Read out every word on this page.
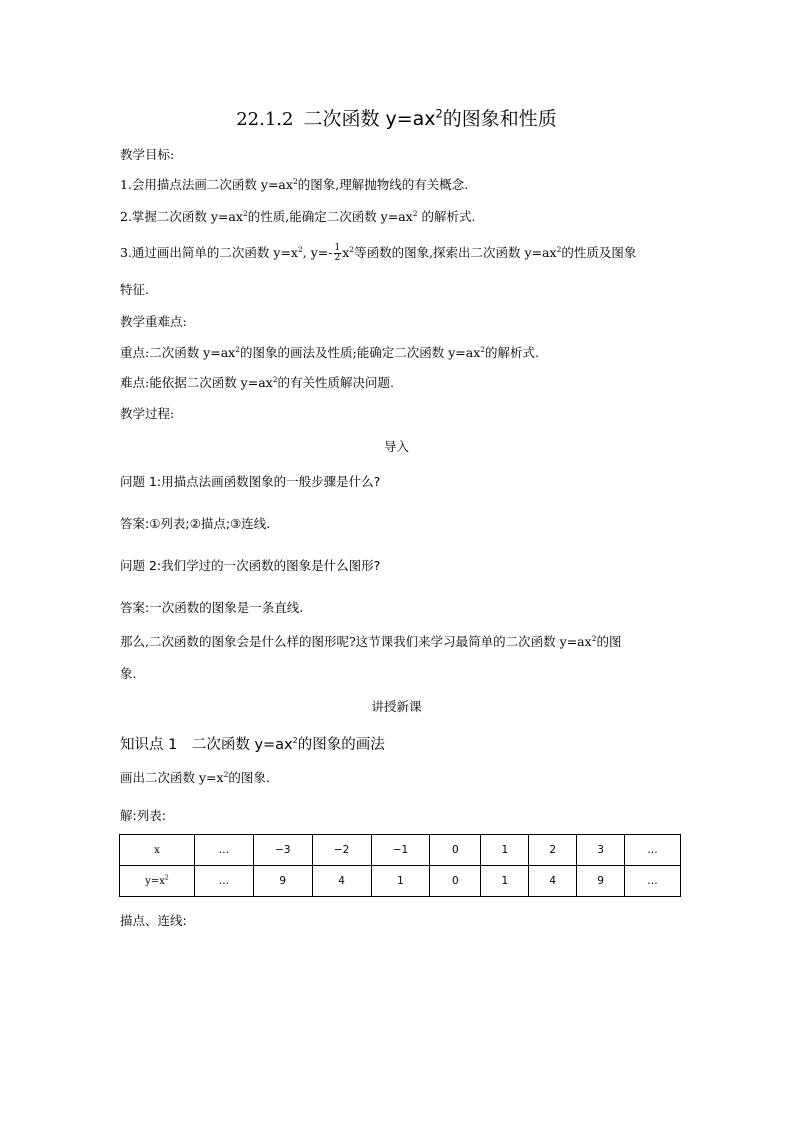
22.1.2 二次函数 $y=ax^2$的图象和性质
教学目标:
1.会用描点法画二次函数 $y=ax^2$的图象,理解抛物线的有关概念.
2.掌握二次函数 $y=ax^2$的性质,能确定二次函数 $y=ax^2$ 的解析式.
3.通过画出简单的二次函数 $y=x^2$, $y=- \frac{1}{2} x^2$等函数的图象,探索出二次函数 $y=ax^2$的性质及图象
特征.
教学重难点:
重点:二次函数 $y=ax^2$的图象的画法及性质;能确定二次函数 $y=ax^2$的解析式.
难点:能依据二次函数 $y=ax^2$的有关性质解决问题.
教学过程:
导入
问题 1:用描点法画函数图象的一般步骤是什么?
答案:①列表;②描点;③连线.
问题 2:我们学过的一次函数的图象是什么图形?
答案:一次函数的图象是一条直线.
那么,二次函数的图象会是什么样的图形呢?这节课我们来学习最简单的二次函数 $y=ax^2$的图
象.
讲授新课
知识点 1　二次函数 $y=ax^2$的图象的画法
画出二次函数 $y=x^2$的图象.
解:列表:
x	…	−3	−2	−1	0	1	2	3	…
$y=x^2$	…	9	4	1	0	1	4	9	…
描点、连线:
